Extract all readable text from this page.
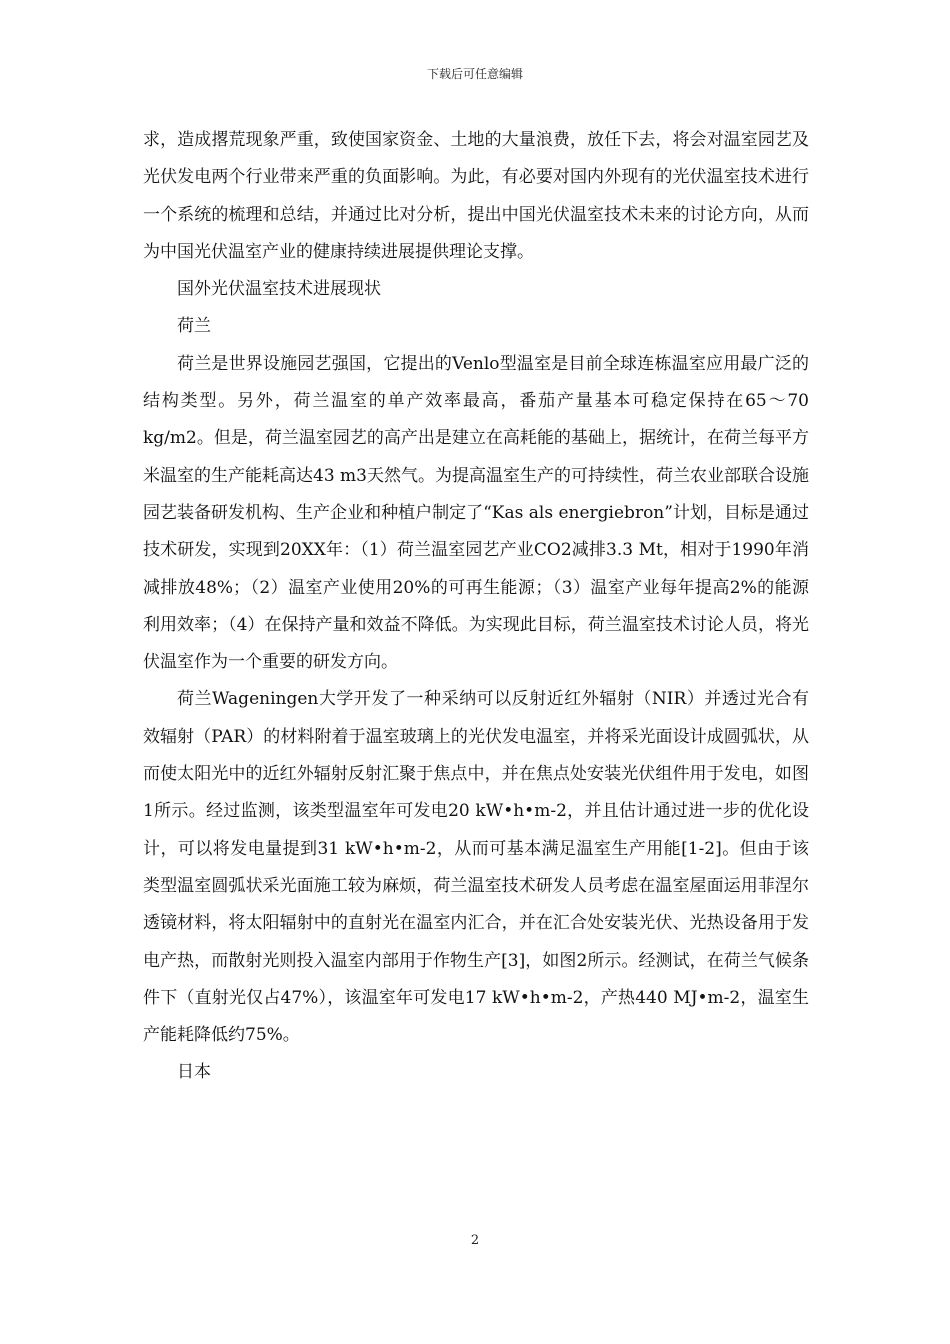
下载后可任意编辑

求，造成撂荒现象严重，致使国家资金、土地的大量浪费，放任下去，将会对温室园艺及光伏发电两个行业带来严重的负面影响。为此，有必要对国内外现有的光伏温室技术进行一个系统的梳理和总结，并通过比对分析，提出中国光伏温室技术未来的讨论方向，从而为中国光伏温室产业的健康持续进展提供理论支撑。

国外光伏温室技术进展现状

荷兰

荷兰是世界设施园艺强国，它提出的Venlo型温室是目前全球连栋温室应用最广泛的结构类型。另外，荷兰温室的单产效率最高，番茄产量基本可稳定保持在65～70 kg/m2。但是，荷兰温室园艺的高产出是建立在高耗能的基础上，据统计，在荷兰每平方米温室的生产能耗高达43 m3天然气。为提高温室生产的可持续性，荷兰农业部联合设施园艺装备研发机构、生产企业和种植户制定了“Kas als energiebron”计划，目标是通过技术研发，实现到20XX年：（1）荷兰温室园艺产业CO2减排3.3 Mt，相对于1990年消减排放48%；（2）温室产业使用20%的可再生能源；（3）温室产业每年提高2%的能源利用效率；（4）在保持产量和效益不降低。为实现此目标，荷兰温室技术讨论人员，将光伏温室作为一个重要的研发方向。

荷兰Wageningen大学开发了一种采纳可以反射近红外辐射（NIR）并透过光合有效辐射（PAR）的材料附着于温室玻璃上的光伏发电温室，并将采光面设计成圆弧状，从而使太阳光中的近红外辐射反射汇聚于焦点中，并在焦点处安装光伏组件用于发电，如图1所示。经过监测，该类型温室年可发电20 kW•h•m-2，并且估计通过进一步的优化设计，可以将发电量提到31 kW•h•m-2，从而可基本满足温室生产用能[1-2]。但由于该类型温室圆弧状采光面施工较为麻烦，荷兰温室技术研发人员考虑在温室屋面运用菲涅尔透镜材料，将太阳辐射中的直射光在温室内汇合，并在汇合处安装光伏、光热设备用于发电产热，而散射光则投入温室内部用于作物生产[3]，如图2所示。经测试，在荷兰气候条件下（直射光仅占47%），该温室年可发电17 kW•h•m-2，产热440 MJ•m-2，温室生产能耗降低约75%。

日本

2
